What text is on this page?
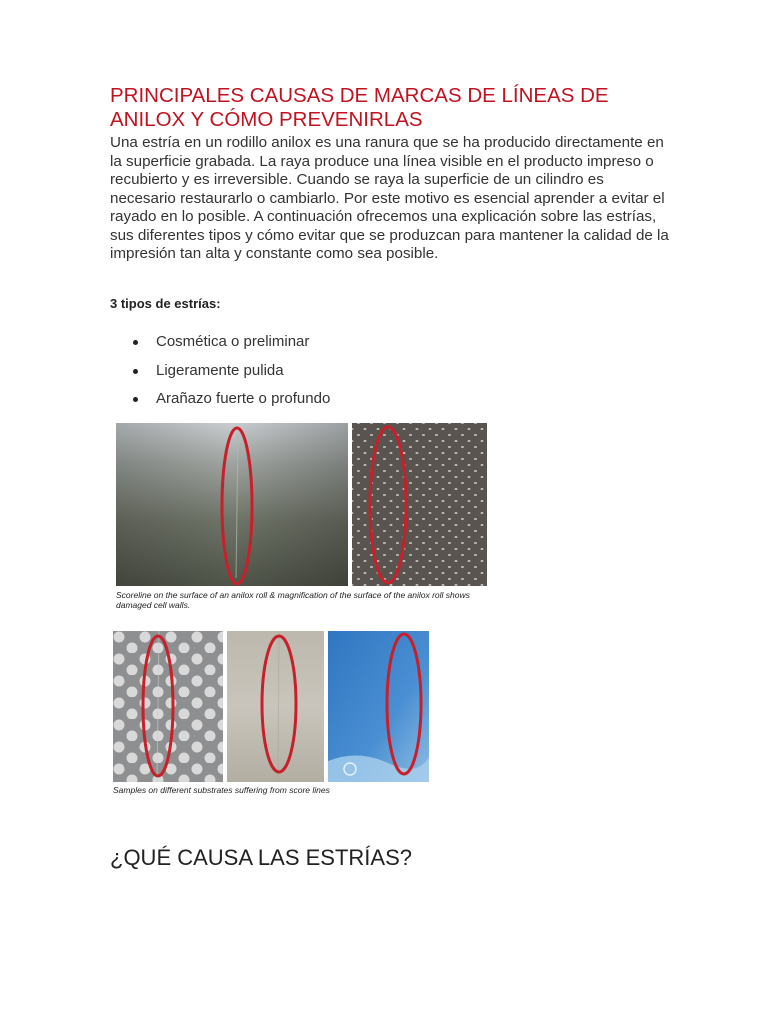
PRINCIPALES CAUSAS DE MARCAS DE LÍNEAS DE ANILOX Y CÓMO PREVENIRLAS

Una estría en un rodillo anilox es una ranura que se ha producido directamente en la superficie grabada. La raya produce una línea visible en el producto impreso o recubierto y es irreversible. Cuando se raya la superficie de un cilindro es necesario restaurarlo o cambiarlo. Por este motivo es esencial aprender a evitar el rayado en lo posible. A continuación ofrecemos una explicación sobre las estrías, sus diferentes tipos y cómo evitar que se produzcan para mantener la calidad de la impresión tan alta y constante como sea posible.

3 tipos de estrías:

Cosmética o preliminar
Ligeramente pulida
Arañazo fuerte o profundo
Scoreline on the surface of an anilox roll & magnification of the surface of the anilox roll shows damaged cell walls.
Samples on different substrates suffering from score lines
¿QUÉ CAUSA LAS ESTRÍAS?
